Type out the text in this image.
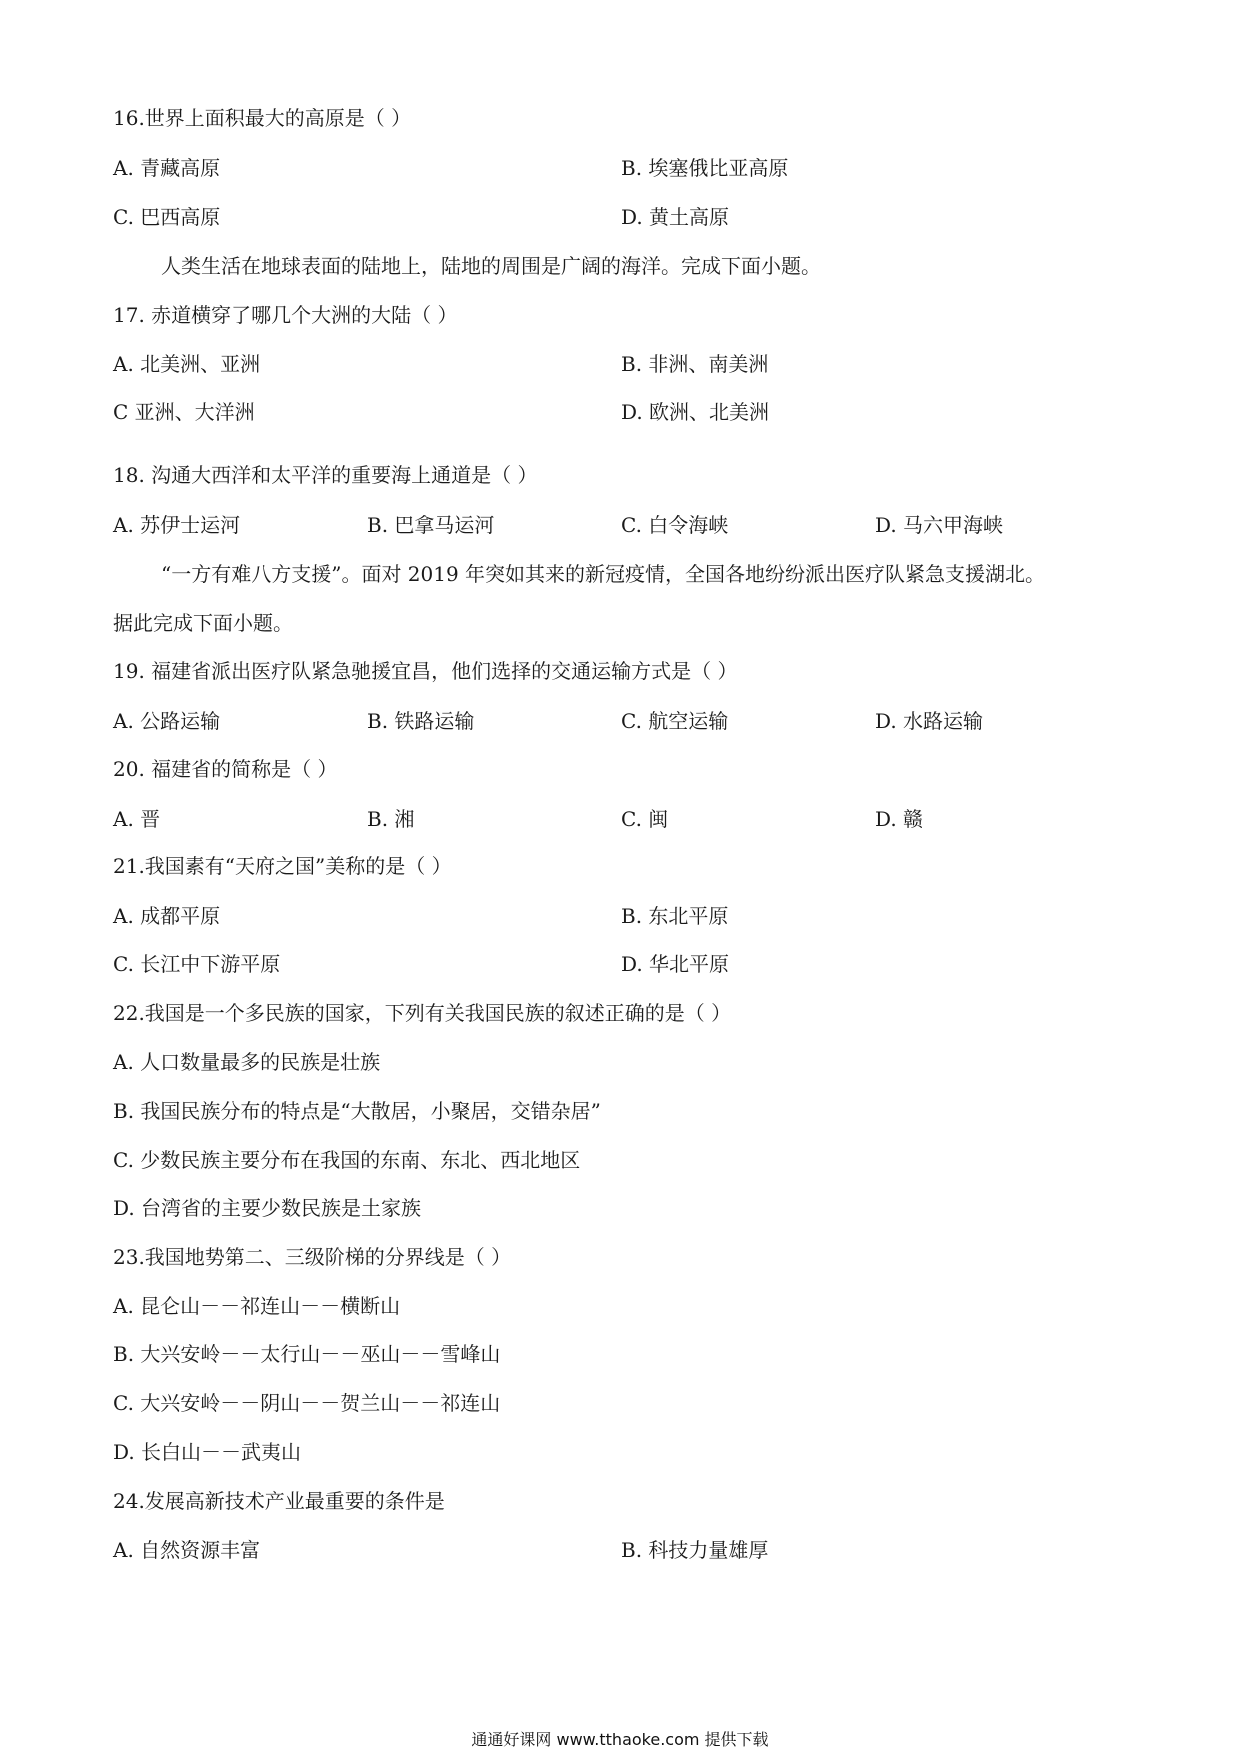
16.世界上面积最大的高原是（ ）
A. 青藏高原	B. 埃塞俄比亚高原
C. 巴西高原	D. 黄土高原
人类生活在地球表面的陆地上，陆地的周围是广阔的海洋。完成下面小题。
17. 赤道横穿了哪几个大洲的大陆（ ）
A. 北美洲、亚洲	B. 非洲、南美洲
C 亚洲、大洋洲	D. 欧洲、北美洲
18. 沟通大西洋和太平洋的重要海上通道是（ ）
A. 苏伊士运河	B. 巴拿马运河	C. 白令海峡	D. 马六甲海峡
“一方有难八方支援”。面对 2019 年突如其来的新冠疫情，全国各地纷纷派出医疗队紧急支援湖北。
据此完成下面小题。
19. 福建省派出医疗队紧急驰援宜昌，他们选择的交通运输方式是（ ）
A. 公路运输	B. 铁路运输	C. 航空运输	D. 水路运输
20. 福建省的简称是（ ）
A. 晋	B. 湘	C. 闽	D. 赣
21.我国素有“天府之国”美称的是（ ）
A. 成都平原	B. 东北平原
C. 长江中下游平原	D. 华北平原
22.我国是一个多民族的国家，下列有关我国民族的叙述正确的是（ ）
A. 人口数量最多的民族是壮族
B. 我国民族分布的特点是“大散居，小聚居，交错杂居”
C. 少数民族主要分布在我国的东南、东北、西北地区
D. 台湾省的主要少数民族是土家族
23.我国地势第二、三级阶梯的分界线是（ ）
A. 昆仑山－－祁连山－－横断山
B. 大兴安岭－－太行山－－巫山－－雪峰山
C. 大兴安岭－－阴山－－贺兰山－－祁连山
D. 长白山－－武夷山
24.发展高新技术产业最重要的条件是
A. 自然资源丰富	B. 科技力量雄厚
通通好课网 www.tthaoke.com 提供下载
